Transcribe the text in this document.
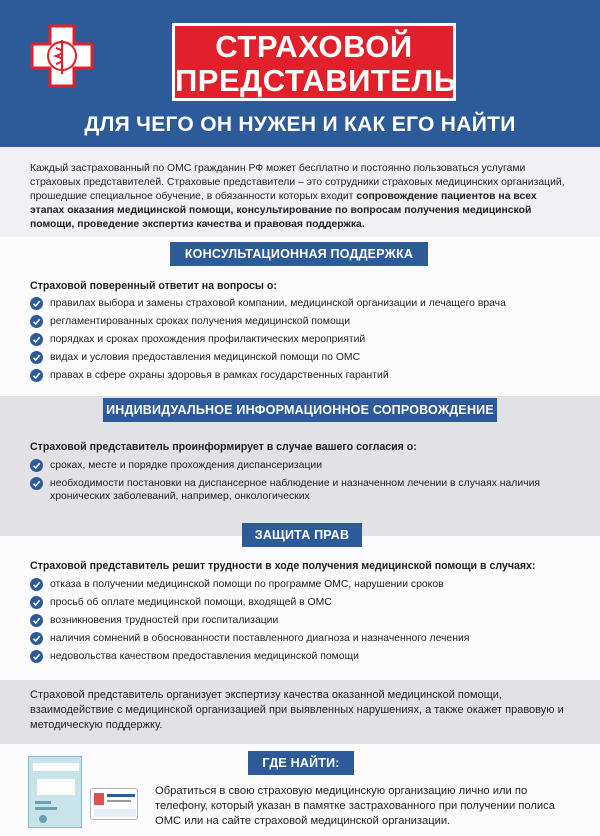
СТРАХОВОЙ
ПРЕДСТАВИТЕЛЬ
ДЛЯ ЧЕГО ОН НУЖЕН И КАК ЕГО НАЙТИ
Каждый застрахованный по ОМС гражданин РФ может бесплатно и постоянно пользоваться услугами страховых представителей. Страховые представители – это сотрудники страховых медицинских организаций, прошедшие специальное обучение, в обязанности которых входит сопровождение пациентов на всех этапах оказания медицинской помощи, консультирование по вопросам получения медицинской помощи, проведение экспертиз качества и правовая поддержка.
КОНСУЛЬТАЦИОННАЯ ПОДДЕРЖКА
Страховой поверенный ответит на вопросы о:
правилах выбора и замены страховой компании, медицинской организации и лечащего врача
регламентированных сроках получения медицинской помощи
порядках и сроках прохождения профилактических мероприятий
видах и условия предоставления медицинской помощи по ОМС
правах в сфере охраны здоровья в рамках государственных гарантий
ИНДИВИДУАЛЬНОЕ ИНФОРМАЦИОННОЕ СОПРОВОЖДЕНИЕ
Страховой представитель проинформирует в случае вашего согласия о:
сроках, месте и порядке прохождения диспансеризации
необходимости постановки на диспансерное наблюдение и назначенном лечении в случаях наличия хронических заболеваний, например, онкологических
ЗАЩИТА ПРАВ
Страховой представитель решит трудности в ходе получения медицинской помощи в случаях:
отказа в получении медицинской помощи по программе ОМС, нарушении сроков
просьб об оплате медицинской помощи, входящей в ОМС
возникновения трудностей при госпитализации
наличия сомнений в обоснованности поставленного диагноза и назначенного лечения
недовольства качеством предоставления медицинской помощи
Страховой представитель организует экспертизу качества оказанной медицинской помощи, взаимодействие с медицинской организацией при выявленных нарушениях, а также окажет правовую и методическую поддержку.
ГДЕ НАЙТИ:
Обратиться в свою страховую медицинскую организацию лично или по телефону, который указан в памятке застрахованного при получении полиса ОМС или на сайте страховой медицинской организации.
